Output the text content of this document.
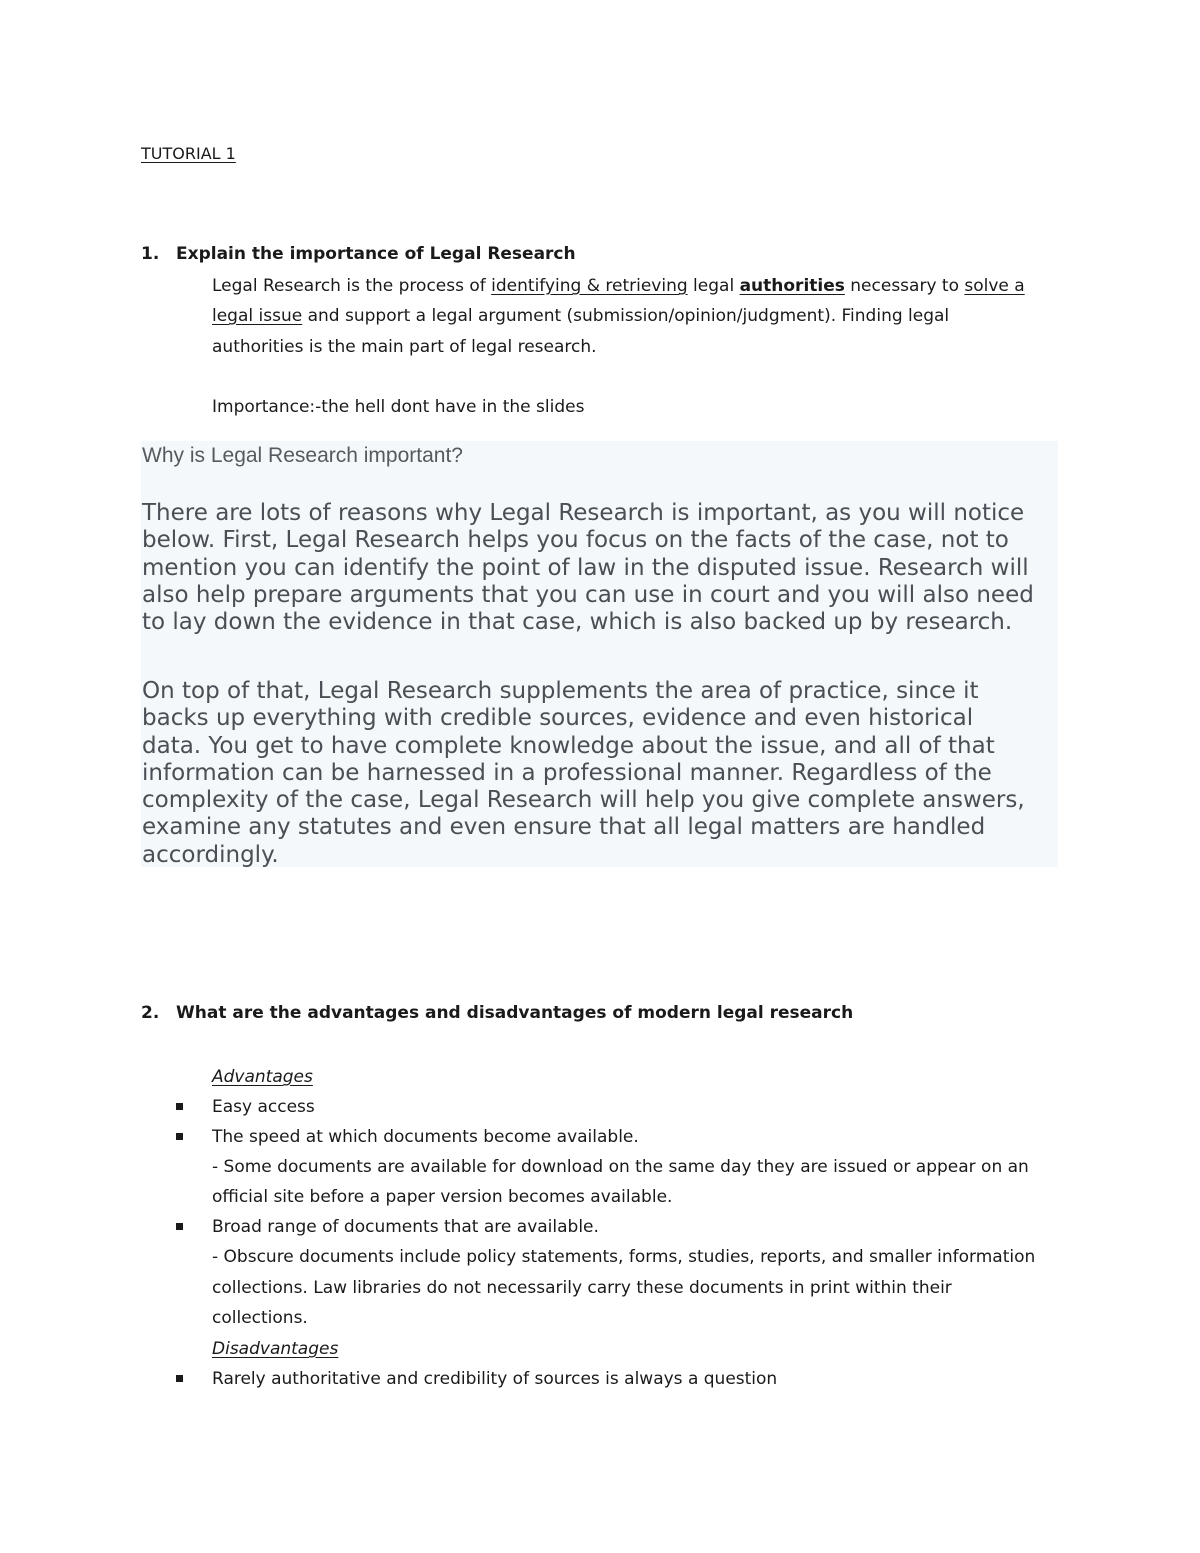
TUTORIAL 1
1. Explain the importance of Legal Research
Legal Research is the process of identifying & retrieving legal authorities necessary to solve a
legal issue and support a legal argument (submission/opinion/judgment). Finding legal
authorities is the main part of legal research.
Importance:-the hell dont have in the slides
Why is Legal Research important?
There are lots of reasons why Legal Research is important, as you will notice
below. First, Legal Research helps you focus on the facts of the case, not to
mention you can identify the point of law in the disputed issue. Research will
also help prepare arguments that you can use in court and you will also need
to lay down the evidence in that case, which is also backed up by research.
On top of that, Legal Research supplements the area of practice, since it
backs up everything with credible sources, evidence and even historical
data. You get to have complete knowledge about the issue, and all of that
information can be harnessed in a professional manner. Regardless of the
complexity of the case, Legal Research will help you give complete answers,
examine any statutes and even ensure that all legal matters are handled
accordingly.
2. What are the advantages and disadvantages of modern legal research
Advantages
Easy access
The speed at which documents become available.
- Some documents are available for download on the same day they are issued or appear on an
official site before a paper version becomes available.
Broad range of documents that are available.
- Obscure documents include policy statements, forms, studies, reports, and smaller information
collections. Law libraries do not necessarily carry these documents in print within their
collections.
Disadvantages
Rarely authoritative and credibility of sources is always a question
